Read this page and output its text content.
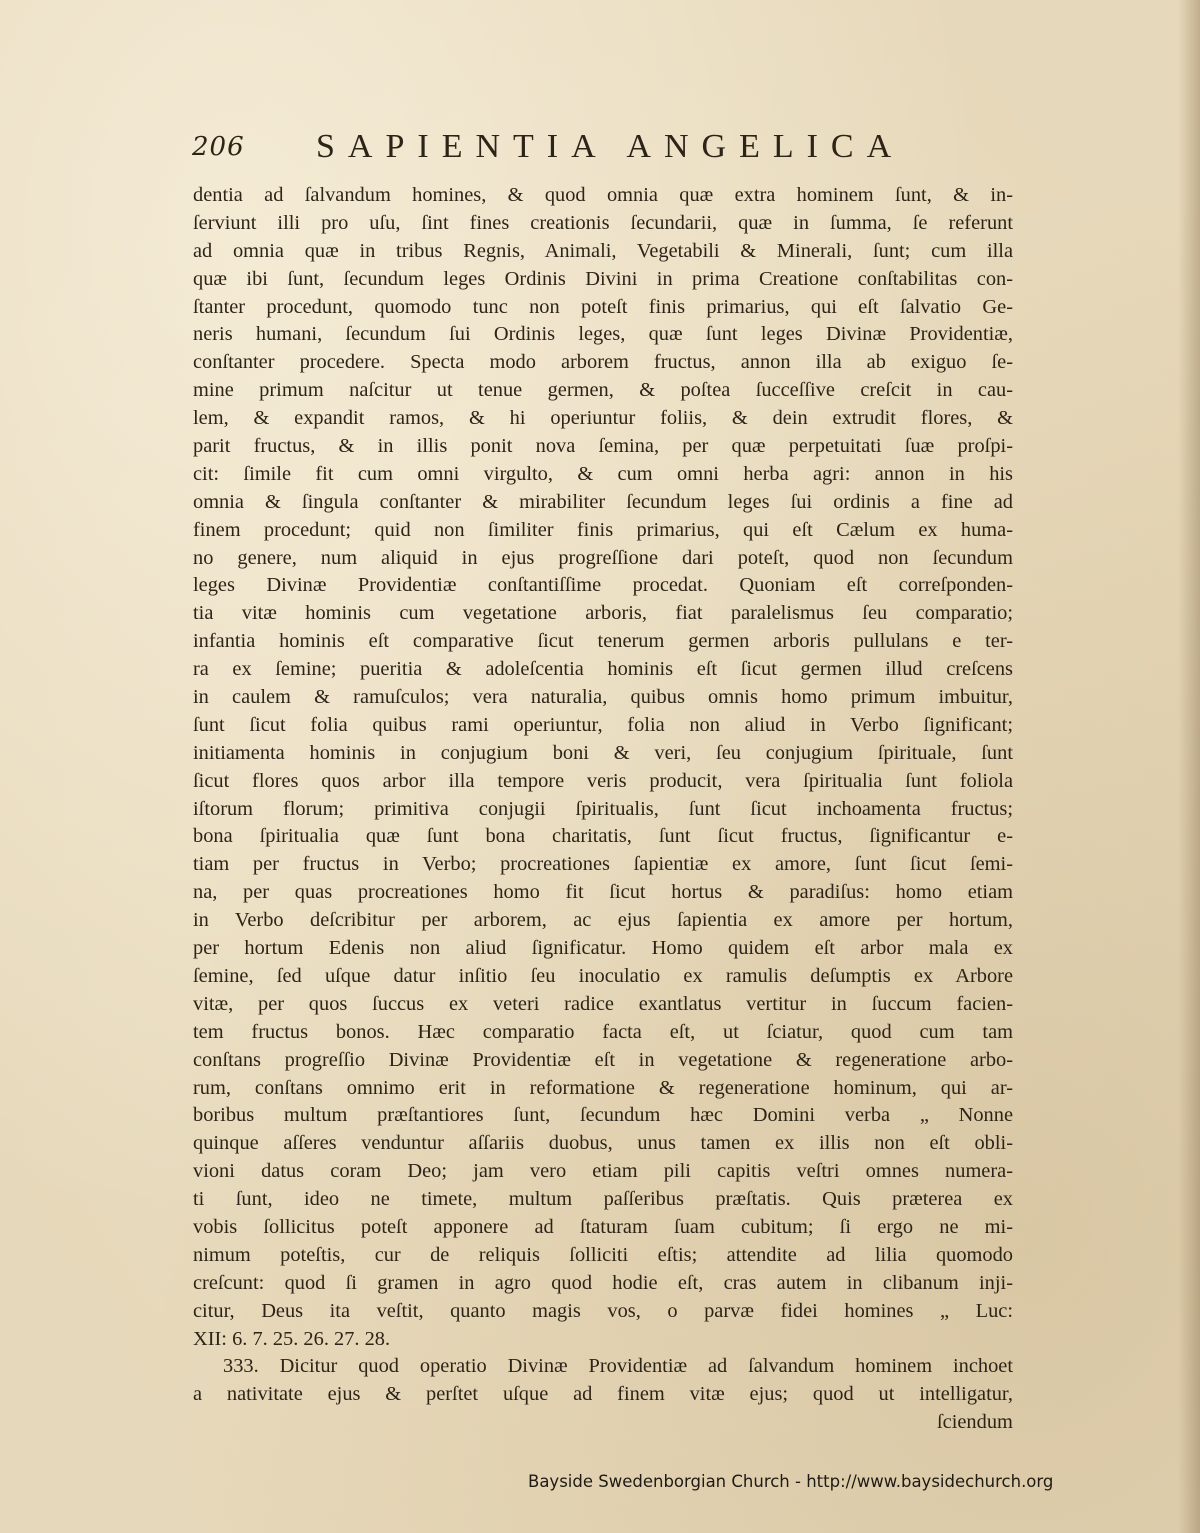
206 SAPIENTIA ANGELICA
dentia ad ſalvandum homines, & quod omnia quæ extra hominem ſunt, & in-
ſerviunt illi pro uſu, ſint fines creationis ſecundarii, quæ in ſumma, ſe referunt
ad omnia quæ in tribus Regnis, Animali, Vegetabili & Minerali, ſunt; cum illa
quæ ibi ſunt, ſecundum leges Ordinis Divini in prima Creatione conſtabilitas con-
ſtanter procedunt, quomodo tunc non poteſt finis primarius, qui eſt ſalvatio Ge-
neris humani, ſecundum ſui Ordinis leges, quæ ſunt leges Divinæ Providentiæ,
conſtanter procedere. Specta modo arborem fructus, annon illa ab exiguo ſe-
mine primum naſcitur ut tenue germen, & poſtea ſucceſſive creſcit in cau-
lem, & expandit ramos, & hi operiuntur foliis, & dein extrudit flores, &
parit fructus, & in illis ponit nova ſemina, per quæ perpetuitati ſuæ proſpi-
cit: ſimile fit cum omni virgulto, & cum omni herba agri: annon in his
omnia & ſingula conſtanter & mirabiliter ſecundum leges ſui ordinis a fine ad
finem procedunt; quid non ſimiliter finis primarius, qui eſt Cælum ex huma-
no genere, num aliquid in ejus progreſſione dari poteſt, quod non ſecundum
leges Divinæ Providentiæ conſtantiſſime procedat. Quoniam eſt correſponden-
tia vitæ hominis cum vegetatione arboris, fiat paralelismus ſeu comparatio;
infantia hominis eſt comparative ſicut tenerum germen arboris pullulans e ter-
ra ex ſemine; pueritia & adoleſcentia hominis eſt ſicut germen illud creſcens
in caulem & ramuſculos; vera naturalia, quibus omnis homo primum imbuitur,
ſunt ſicut folia quibus rami operiuntur, folia non aliud in Verbo ſignificant;
initiamenta hominis in conjugium boni & veri, ſeu conjugium ſpirituale, ſunt
ſicut flores quos arbor illa tempore veris producit, vera ſpiritualia ſunt foliola
iſtorum florum; primitiva conjugii ſpiritualis, ſunt ſicut inchoamenta fructus;
bona ſpiritualia quæ ſunt bona charitatis, ſunt ſicut fructus, ſignificantur e-
tiam per fructus in Verbo; procreationes ſapientiæ ex amore, ſunt ſicut ſemi-
na, per quas procreationes homo fit ſicut hortus & paradiſus: homo etiam
in Verbo deſcribitur per arborem, ac ejus ſapientia ex amore per hortum,
per hortum Edenis non aliud ſignificatur. Homo quidem eſt arbor mala ex
ſemine, ſed uſque datur inſitio ſeu inoculatio ex ramulis deſumptis ex Arbore
vitæ, per quos ſuccus ex veteri radice exantlatus vertitur in ſuccum facien-
tem fructus bonos. Hæc comparatio facta eſt, ut ſciatur, quod cum tam
conſtans progreſſio Divinæ Providentiæ eſt in vegetatione & regeneratione arbo-
rum, conſtans omnimo erit in reformatione & regeneratione hominum, qui ar-
boribus multum præſtantiores ſunt, ſecundum hæc Domini verba „ Nonne
quinque aſſeres venduntur aſſariis duobus, unus tamen ex illis non eſt obli-
vioni datus coram Deo; jam vero etiam pili capitis veſtri omnes numera-
ti ſunt, ideo ne timete, multum paſſeribus præſtatis. Quis præterea ex
vobis ſollicitus poteſt apponere ad ſtaturam ſuam cubitum; ſi ergo ne mi-
nimum poteſtis, cur de reliquis ſolliciti eſtis; attendite ad lilia quomodo
creſcunt: quod ſi gramen in agro quod hodie eſt, cras autem in clibanum inji-
citur, Deus ita veſtit, quanto magis vos, o parvæ fidei homines „ Luc:
XII: 6. 7. 25. 26. 27. 28.
333. Dicitur quod operatio Divinæ Providentiæ ad ſalvandum hominem inchoet
a nativitate ejus & perſtet uſque ad finem vitæ ejus; quod ut intelligatur,
ſciendum
Bayside Swedenborgian Church - http://www.baysidechurch.org
